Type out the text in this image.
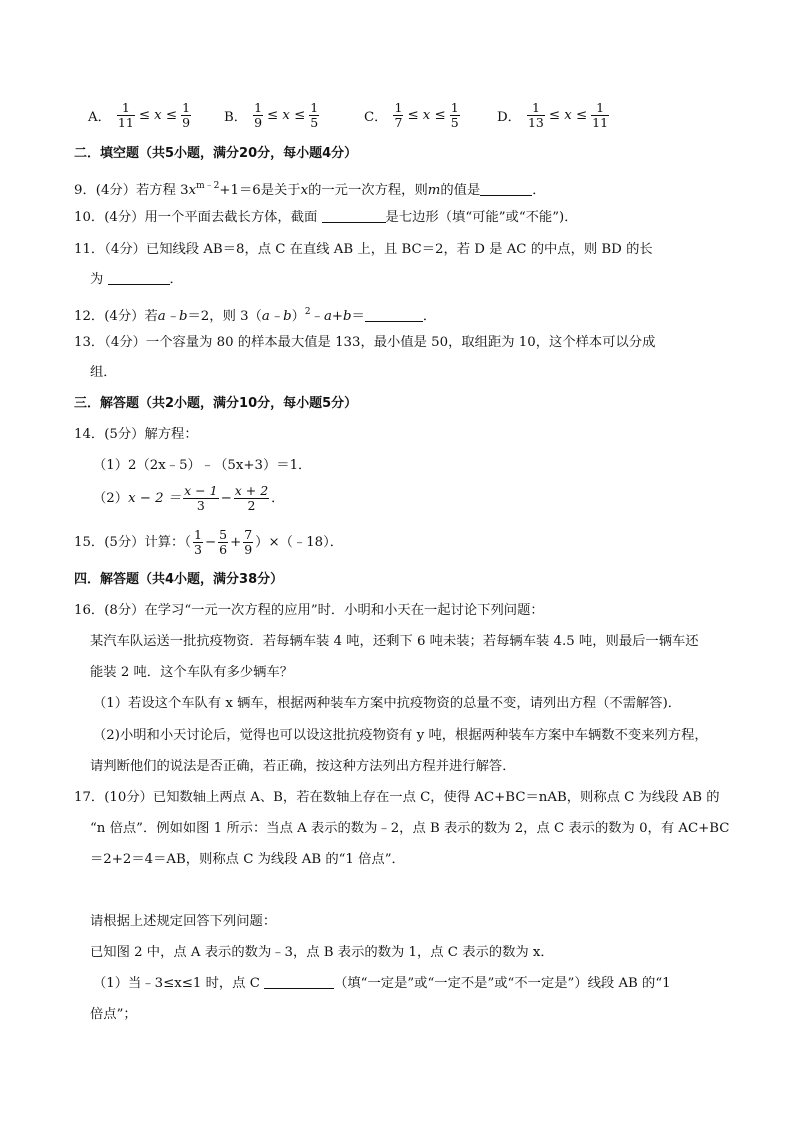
A． $\frac{1}{11} \le x \le \frac{1}{9}$ B． $\frac{1}{9} \le x \le \frac{1}{5}$	C． $\frac{1}{7} \le x \le \frac{1}{5}$	D． $\frac{1}{13} \le x \le \frac{1}{11}$
二．填空题（共5小题，满分20分，每小题4分）
9．(4分）若方程 $3x^{m﹣2}+1=6$是关于x的一元一次方程，则m的值是	．
10．(4分）用一个平面去截长方体，截面	是七边形（填“可能”或“不能”)．
11．（4分）已知线段 AB＝8，点 C 在直线 AB 上，且 BC＝2，若 D 是 AC 的中点，则 BD 的长
为	．
12．(4分）若a﹣b＝2，则 3（a﹣b）$^2$﹣a+b＝	．
13．（4分）一个容量为 80 的样本最大值是 133，最小值是 50，取组距为 10，这个样本可以分成
组．
三．解答题（共2小题，满分10分，每小题5分）
14．(5分）解方程：
（1）2（2x﹣5）﹣（5x+3）＝1．
$(2)x - 2 = \frac{x - 1}{3} - \frac{x + 2}{2}$ ．
15．(5分）计算：（ $\frac{1}{3} - \frac{5}{6} + \frac{7}{9}$ ）×（﹣18）．
四．解答题（共4小题，满分38分）
16．(8分）在学习“一元一次方程的应用”时．小明和小天在一起讨论下列问题：
某汽车队运送一批抗疫物资．若每辆车装 4 吨，还剩下 6 吨未装；若每辆车装 4.5 吨，则最后一辆车还
能装 2 吨．这个车队有多少辆车？
（1）若设这个车队有 x 辆车，根据两种装车方案中抗疫物资的总量不变，请列出方程（不需解答)．
（2)小明和小天讨论后，觉得也可以设这批抗疫物资有 y 吨，根据两种装车方案中车辆数不变来列方程，
请判断他们的说法是否正确，若正确，按这种方法列出方程并进行解答．
17．(10分）已知数轴上两点 A、B，若在数轴上存在一点 C，使得 AC+BC＝nAB，则称点 C 为线段 AB 的
“n 倍点”．例如如图 1 所示：当点 A 表示的数为﹣2，点 B 表示的数为 2，点 C 表示的数为 0，有 AC+BC
＝2+2＝4＝AB，则称点 C 为线段 AB 的“1 倍点”．
请根据上述规定回答下列问题：
已知图 2 中，点 A 表示的数为﹣3，点 B 表示的数为 1，点 C 表示的数为 x．
（1）当﹣3≤x≤1 时，点 C	（填“一定是”或“一定不是”或“不一定是”）线段 AB 的“1
倍点”；
